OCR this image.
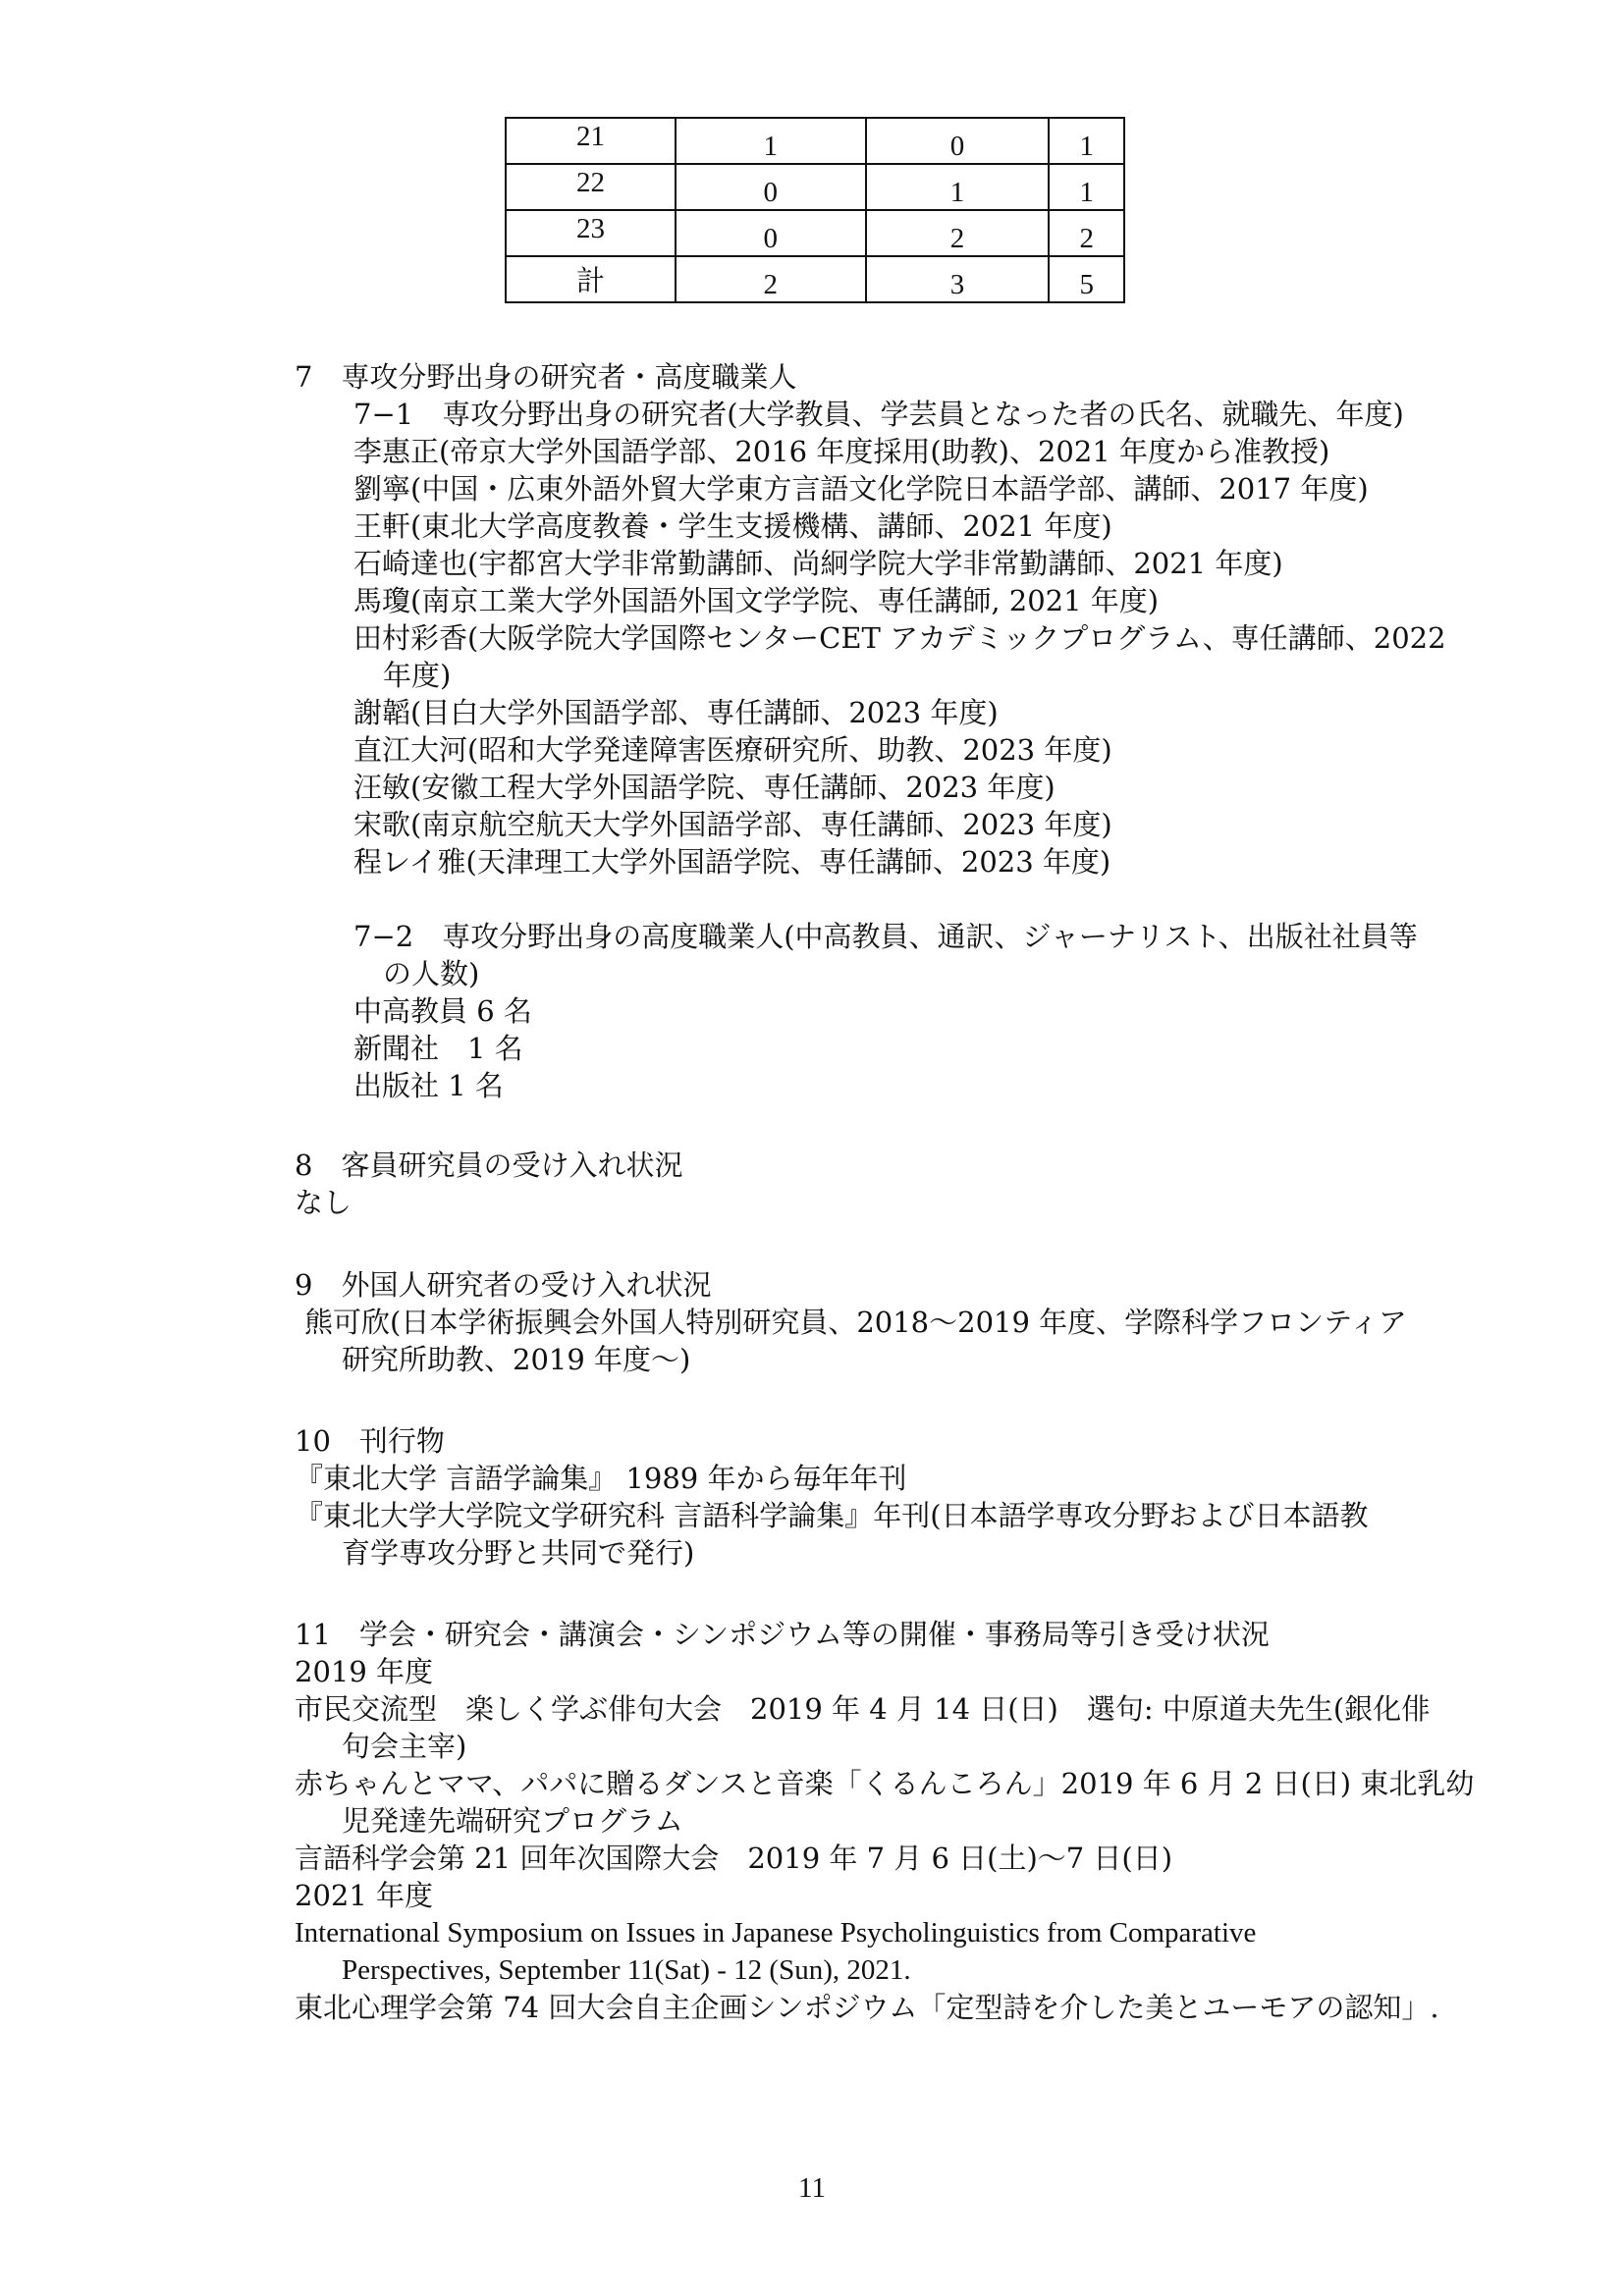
21	1	0	1
22	0	1	1
23	0	2	2
計	2	3	5
7　専攻分野出身の研究者・高度職業人
7−1　専攻分野出身の研究者(大学教員、学芸員となった者の氏名、就職先、年度)
李惠正(帝京大学外国語学部、2016 年度採用(助教)、2021 年度から准教授)
劉寧(中国・広東外語外貿大学東方言語文化学院日本語学部、講師、2017 年度)
王軒(東北大学高度教養・学生支援機構、講師、2021 年度)
石崎達也(宇都宮大学非常勤講師、尚絅学院大学非常勤講師、2021 年度)
馬瓊(南京工業大学外国語外国文学学院、専任講師, 2021 年度)
田村彩香(大阪学院大学国際センターCET アカデミックプログラム、専任講師、2022
年度)
謝韜(目白大学外国語学部、専任講師、2023 年度)
直江大河(昭和大学発達障害医療研究所、助教、2023 年度)
汪敏(安徽工程大学外国語学院、専任講師、2023 年度)
宋歌(南京航空航天大学外国語学部、専任講師、2023 年度)
程レイ雅(天津理工大学外国語学院、専任講師、2023 年度)
7−2　専攻分野出身の高度職業人(中高教員、通訳、ジャーナリスト、出版社社員等
の人数)
中高教員 6 名
新聞社　1 名
出版社 1 名
8　客員研究員の受け入れ状況
なし
9　外国人研究者の受け入れ状況
熊可欣(日本学術振興会外国人特別研究員、2018〜2019 年度、学際科学フロンティア
研究所助教、2019 年度〜)
10　刊行物
『東北大学 言語学論集』 1989 年から毎年年刊
『東北大学大学院文学研究科 言語科学論集』年刊(日本語学専攻分野および日本語教
育学専攻分野と共同で発行)
11　学会・研究会・講演会・シンポジウム等の開催・事務局等引き受け状況
2019 年度
市民交流型　楽しく学ぶ俳句大会　2019 年 4 月 14 日(日)　選句: 中原道夫先生(銀化俳
句会主宰)
赤ちゃんとママ、パパに贈るダンスと音楽「くるんころん」2019 年 6 月 2 日(日) 東北乳幼
児発達先端研究プログラム
言語科学会第 21 回年次国際大会　2019 年 7 月 6 日(土)〜7 日(日)
2021 年度
International Symposium on Issues in Japanese Psycholinguistics from Comparative
Perspectives, September 11(Sat) - 12 (Sun), 2021.
東北心理学会第 74 回大会自主企画シンポジウム「定型詩を介した美とユーモアの認知」.
11
